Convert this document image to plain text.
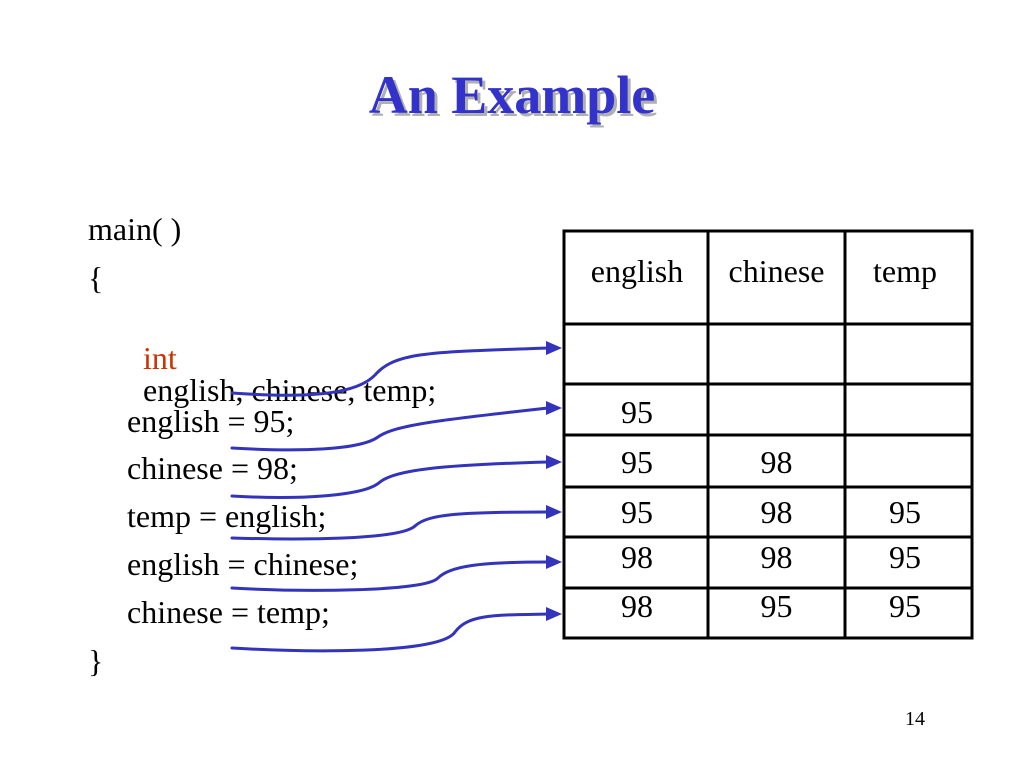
An Example
main( )
{

int
english, chinese, temp;

english = 95;
chinese = 98;
temp = english;
english = chinese;
chinese = temp;
}
english	chinese	temp
95
95	98
95	98	95
98	98	95
98	95	95
14
